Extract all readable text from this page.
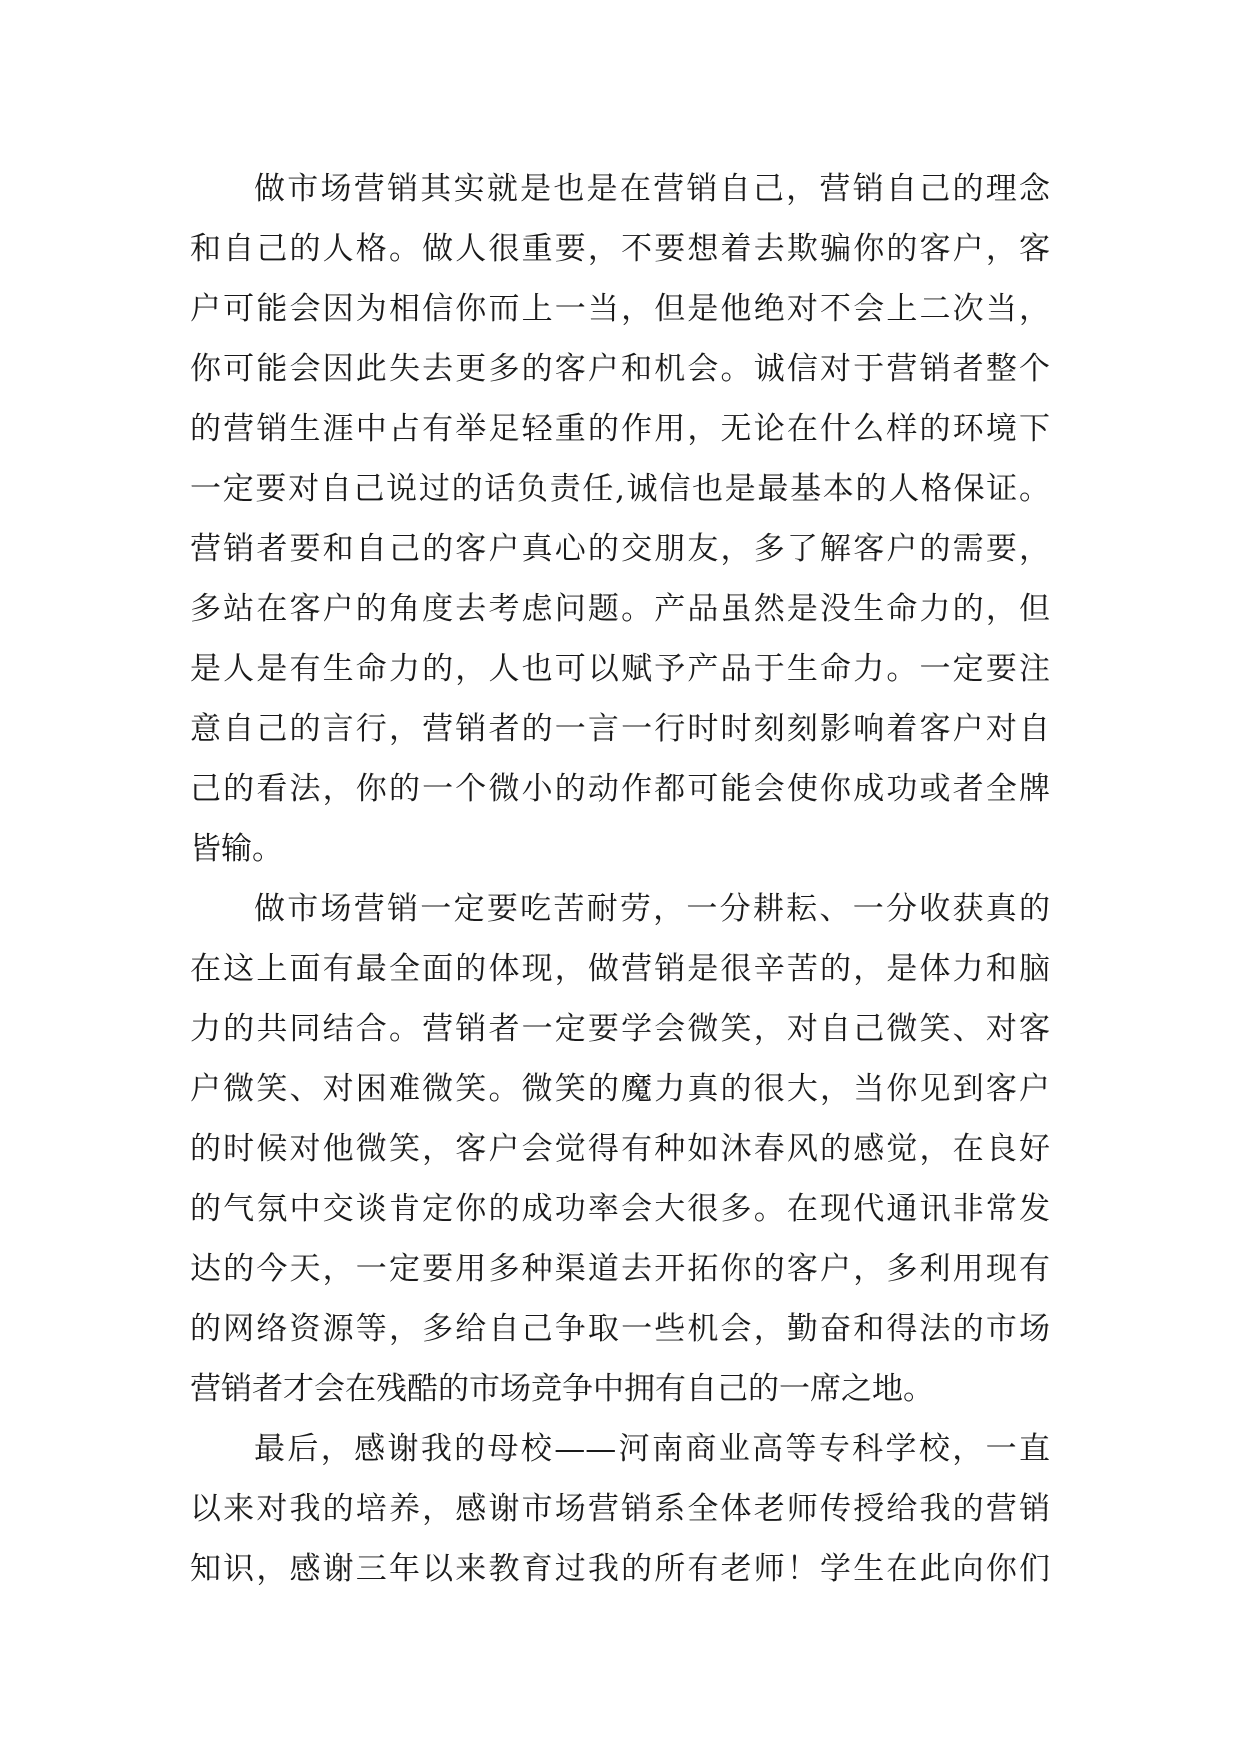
做市场营销其实就是也是在营销自己，营销自己的理念
和自己的人格。做人很重要，不要想着去欺骗你的客户，客
户可能会因为相信你而上一当，但是他绝对不会上二次当，
你可能会因此失去更多的客户和机会。诚信对于营销者整个
的营销生涯中占有举足轻重的作用，无论在什么样的环境下
一定要对自己说过的话负责任,诚信也是最基本的人格保证。
营销者要和自己的客户真心的交朋友，多了解客户的需要，
多站在客户的角度去考虑问题。产品虽然是没生命力的，但
是人是有生命力的，人也可以赋予产品于生命力。一定要注
意自己的言行，营销者的一言一行时时刻刻影响着客户对自
己的看法，你的一个微小的动作都可能会使你成功或者全牌
皆输。
做市场营销一定要吃苦耐劳，一分耕耘、一分收获真的
在这上面有最全面的体现，做营销是很辛苦的，是体力和脑
力的共同结合。营销者一定要学会微笑，对自己微笑、对客
户微笑、对困难微笑。微笑的魔力真的很大，当你见到客户
的时候对他微笑，客户会觉得有种如沐春风的感觉，在良好
的气氛中交谈肯定你的成功率会大很多。在现代通讯非常发
达的今天，一定要用多种渠道去开拓你的客户，多利用现有
的网络资源等，多给自己争取一些机会，勤奋和得法的市场
营销者才会在残酷的市场竞争中拥有自己的一席之地。
最后，感谢我的母校——河南商业高等专科学校，一直
以来对我的培养，感谢市场营销系全体老师传授给我的营销
知识，感谢三年以来教育过我的所有老师！学生在此向你们
